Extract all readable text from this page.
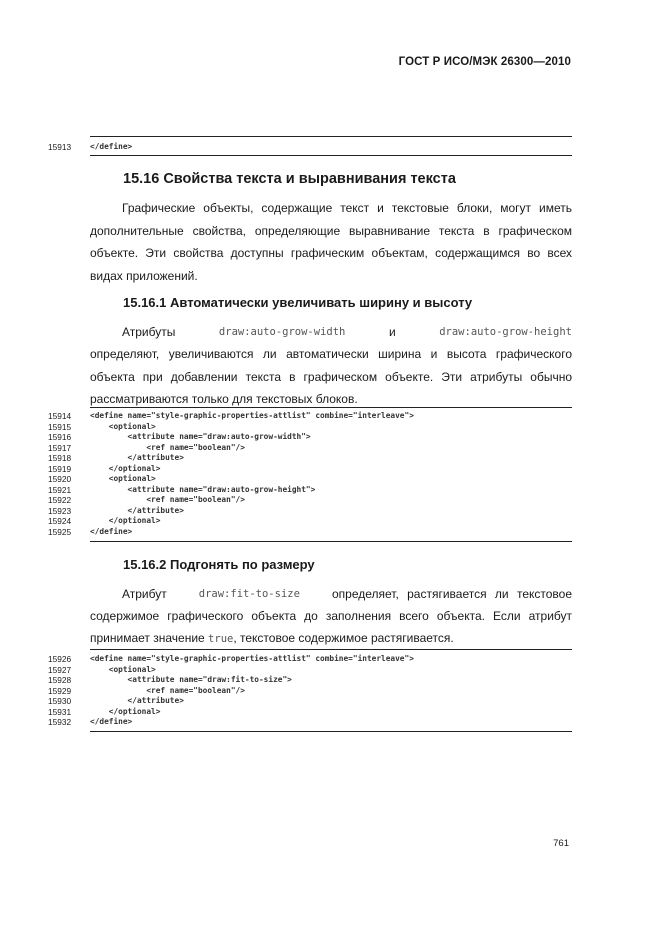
ГОСТ Р ИСО/МЭК 26300—2010
15913 </define>
15.16 Свойства текста и выравнивания текста
Графические объекты, содержащие текст и текстовые блоки, могут иметь дополнительные свойства, определяющие выравнивание текста в графическом объекте. Эти свойства доступны графическим объектам, содержащимся во всех видах приложений.
15.16.1 Автоматически увеличивать ширину и высоту
Атрибуты	draw:auto-grow-width	и	draw:auto-grow-height
определяют, увеличиваются ли автоматически ширина и высота графического объекта при добавлении текста в графическом объекте. Эти атрибуты обычно рассматриваются только для текстовых блоков.
15914 <define name="style-graphic-properties-attlist" combine="interleave">
15915 <optional>
15916 <attribute name="draw:auto-grow-width">
15917 <ref name="boolean"/>
15918 </attribute>
15919 </optional>
15920 <optional>
15921 <attribute name="draw:auto-grow-height">
15922 <ref name="boolean"/>
15923 </attribute>
15924 </optional>
15925 </define>
15.16.2 Подгонять по размеру
Атрибут	draw:fit-to-size	определяет, растягивается ли текстовое
содержимое графического объекта до заполнения всего объекта. Если атрибут
принимает значение true, текстовое содержимое растягивается.
15926 <define name="style-graphic-properties-attlist" combine="interleave">
15927 <optional>
15928 <attribute name="draw:fit-to-size">
15929 <ref name="boolean"/>
15930 </attribute>
15931 </optional>
15932 </define>
761
